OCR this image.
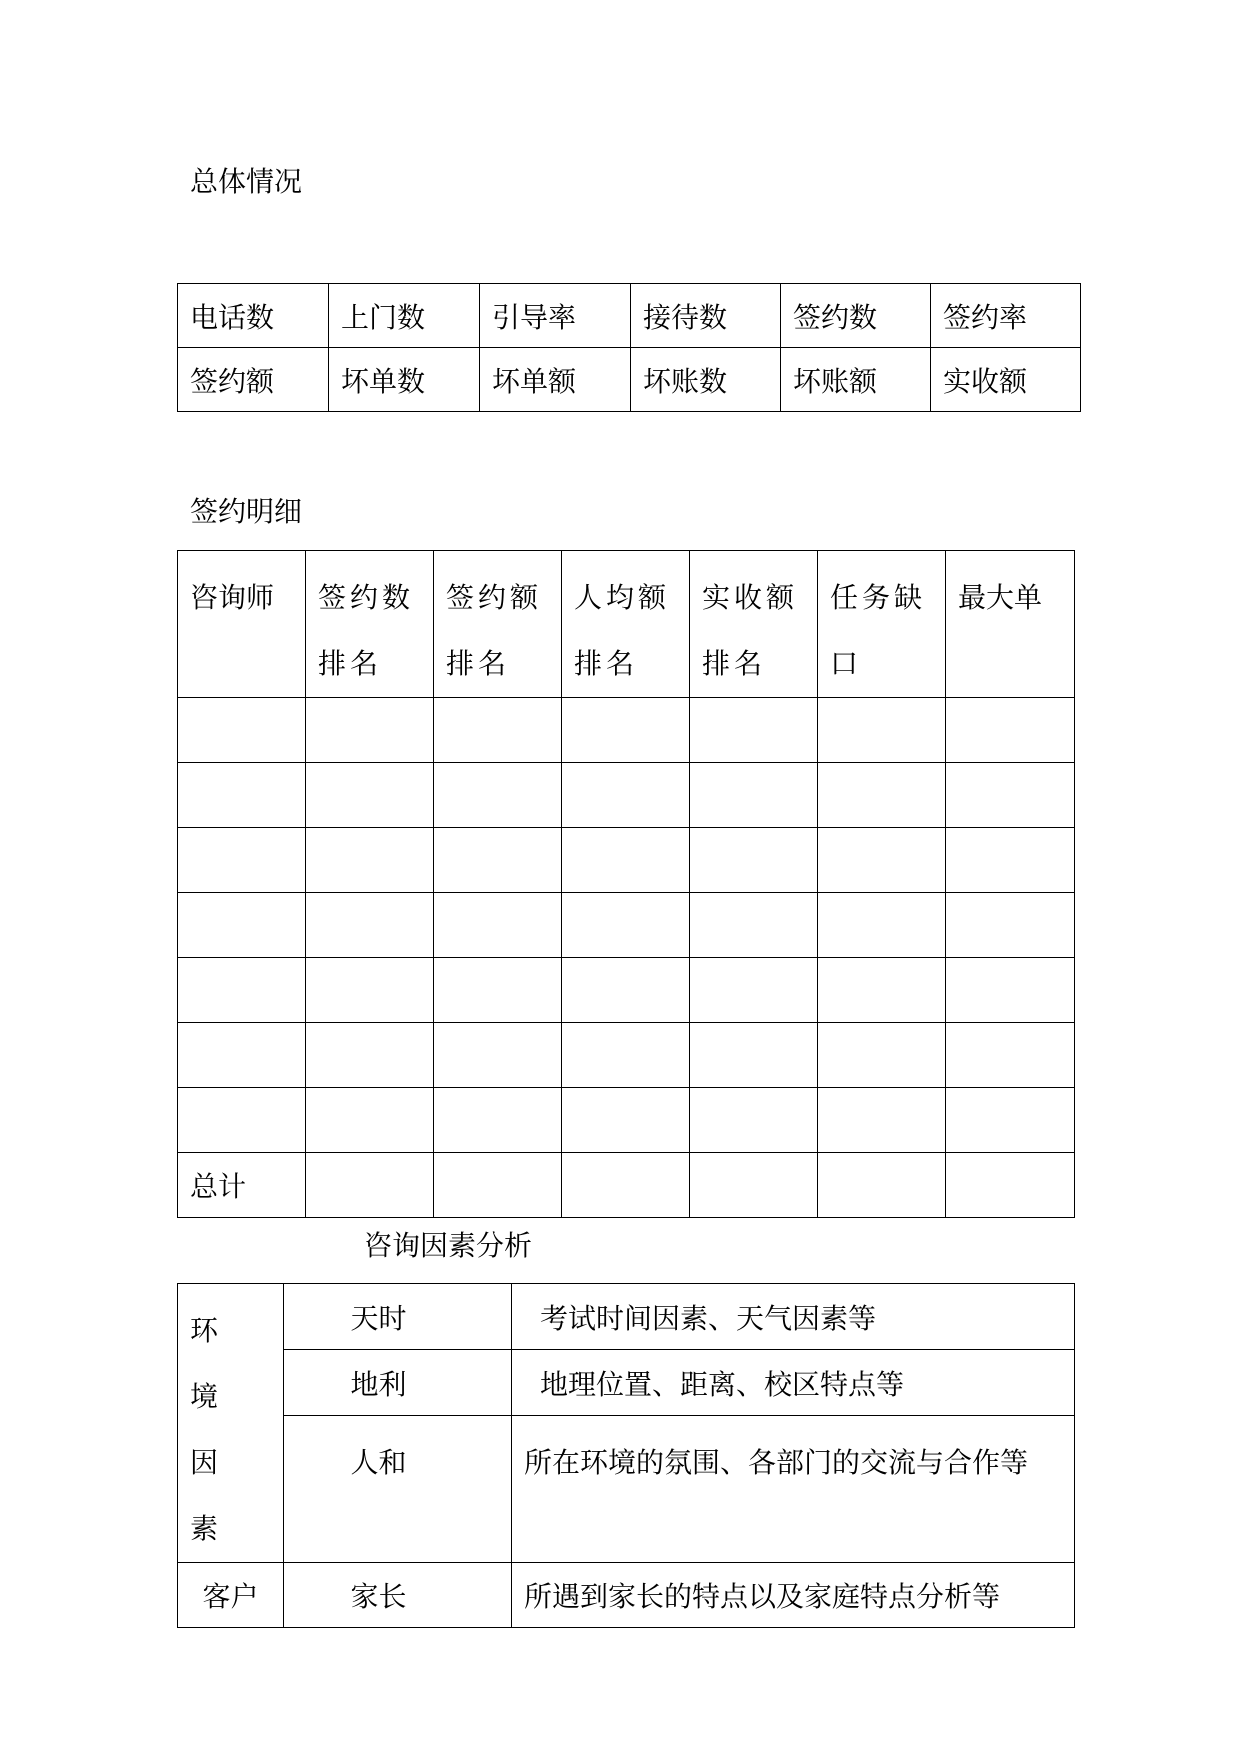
总体情况
电话数	上门数	引导率	接待数	签约数	签约率
签约额	坏单数	坏单额	坏账数	坏账额	实收额
签约明细
咨询师	签约数排名	签约额排名	人均额排名	实收额排名	任务缺口	最大单

总计						
咨询因素分析
环境因素	天时	考试时间因素、天气因素等
	地利	地理位置、距离、校区特点等
	人和	所在环境的氛围、各部门的交流与合作等
客户	家长	所遇到家长的特点以及家庭特点分析等
